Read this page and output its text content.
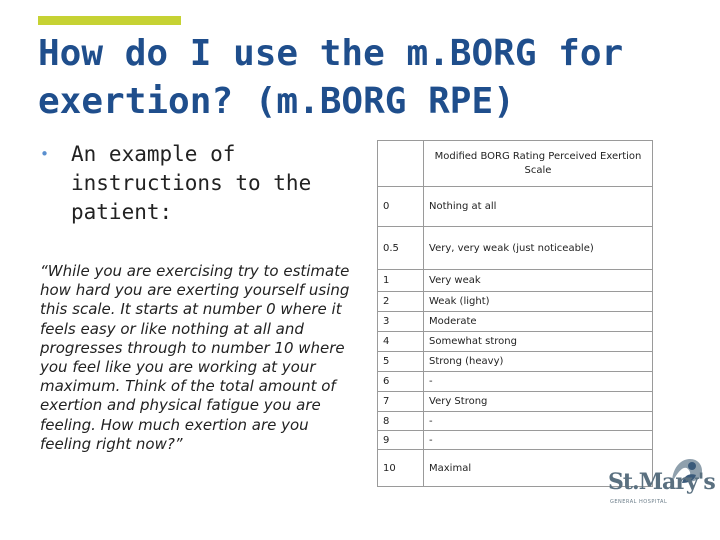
How do I use the m.BORG for exertion? (m.BORG RPE)
• An example of instructions to the patient:

“While you are exercising try to estimate how hard you are exerting yourself using this scale. It starts at number 0 where it feels easy or like nothing at all and progresses through to number 10 where you feel like you are working at your maximum. Think of the total amount of exertion and physical fatigue you are feeling. How much exertion are you feeling right now?”

	Modified BORG Rating Perceived Exertion Scale
0	Nothing at all
0.5	Very, very weak (just noticeable)
1	Very weak
2	Weak (light)
3	Moderate
4	Somewhat strong
5	Strong (heavy)
6	-
7	Very Strong
8	-
9	-
10	Maximal
St.Mary's
GENERAL HOSPITAL
